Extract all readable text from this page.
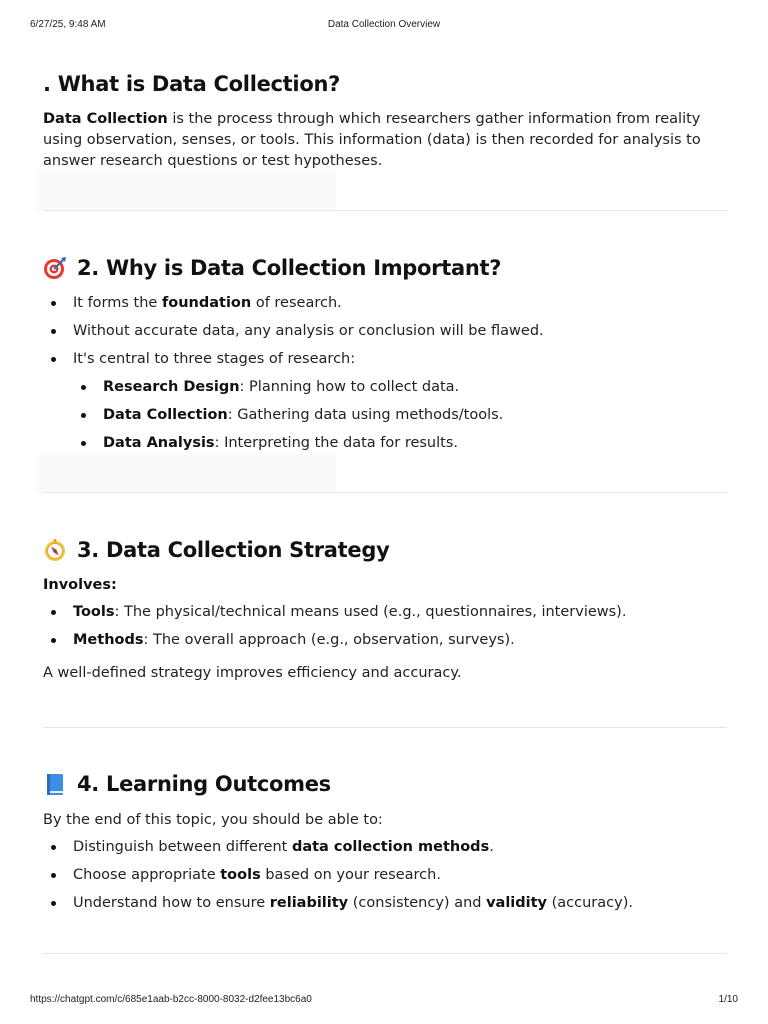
6/27/25, 9:48 AM	Data Collection Overview
. What is Data Collection?

Data Collection is the process through which researchers gather information from reality using observation, senses, or tools. This information (data) is then recorded for analysis to answer research questions or test hypotheses.

2. Why is Data Collection Important?
It forms the foundation of research.
Without accurate data, any analysis or conclusion will be flawed.
It's central to three stages of research:
Research Design: Planning how to collect data.
Data Collection: Gathering data using methods/tools.
Data Analysis: Interpreting the data for results.
3. Data Collection Strategy

Involves:

Tools: The physical/technical means used (e.g., questionnaires, interviews).
Methods: The overall approach (e.g., observation, surveys).

A well-defined strategy improves efficiency and accuracy.

4. Learning Outcomes

By the end of this topic, you should be able to:

Distinguish between different data collection methods.
Choose appropriate tools based on your research.
Understand how to ensure reliability (consistency) and validity (accuracy).
https://chatgpt.com/c/685e1aab-b2cc-8000-8032-d2fee13bc6a0	1/10
